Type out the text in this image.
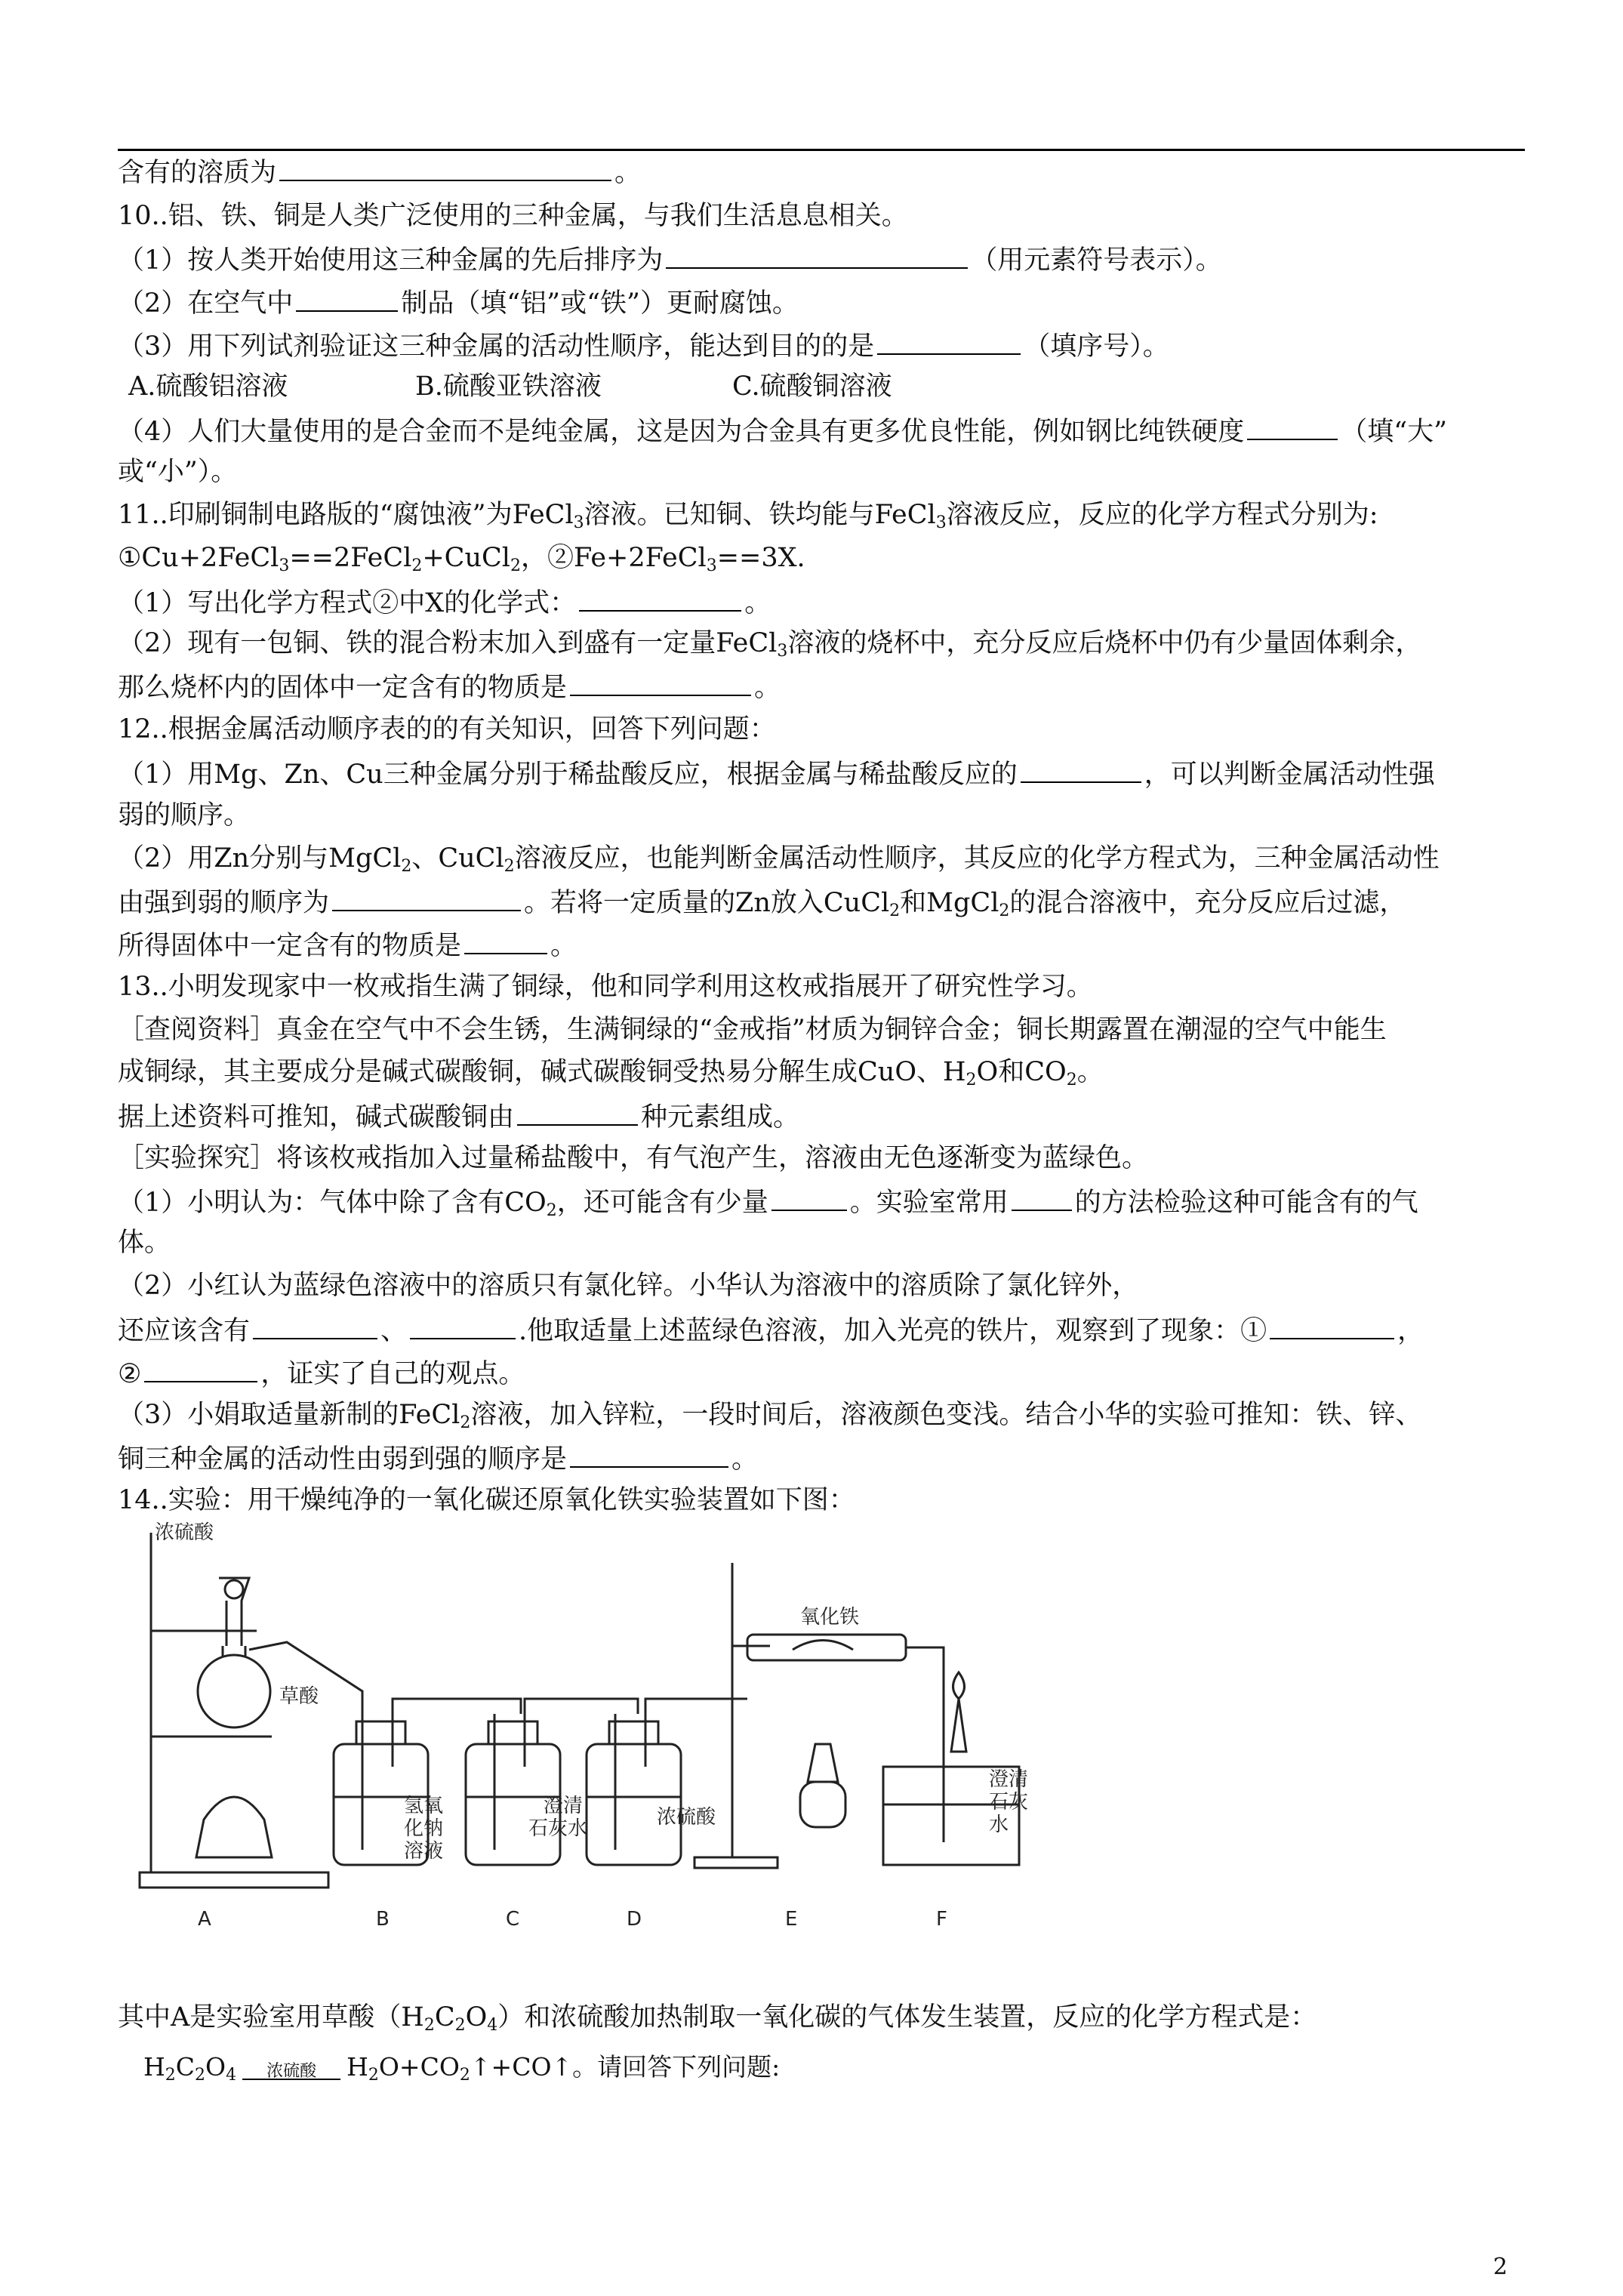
含有的溶质为	。
10..铝、铁、铜是人类广泛使用的三种金属，与我们生活息息相关。
（1）按人类开始使用这三种金属的先后排序为	（用元素符号表示）。
（2）在空气中	制品（填“铝”或“铁”）更耐腐蚀。
（3）用下列试剂验证这三种金属的活动性顺序，能达到目的的是	（填序号）。
A.硫酸铝溶液	B.硫酸亚铁溶液	C.硫酸铜溶液
（4）人们大量使用的是合金而不是纯金属，这是因为合金具有更多优良性能，例如钢比纯铁硬度	（填“大”
或“小”）。
11..印刷铜制电路版的“腐蚀液”为FeCl$_3$溶液。已知铜、铁均能与FeCl$_3$溶液反应，反应的化学方程式分别为:
①Cu+2FeCl$_3$==2FeCl$_2$+CuCl$_2$，②Fe+2FeCl$_3$==3X.
（1）写出化学方程式②中X的化学式：	。
（2）现有一包铜、铁的混合粉末加入到盛有一定量FeCl$_3$溶液的烧杯中，充分反应后烧杯中仍有少量固体剩余，
那么烧杯内的固体中一定含有的物质是	。
12..根据金属活动顺序表的的有关知识，回答下列问题：
（1）用Mg、Zn、Cu三种金属分别于稀盐酸反应，根据金属与稀盐酸反应的	，可以判断金属活动性强
弱的顺序。
（2）用Zn分别与MgCl$_2$、CuCl$_2$溶液反应，也能判断金属活动性顺序，其反应的化学方程式为，三种金属活动性
由强到弱的顺序为	。若将一定质量的Zn放入CuCl$_2$和MgCl$_2$的混合溶液中，充分反应后过滤，
所得固体中一定含有的物质是	。
13..小明发现家中一枚戒指生满了铜绿，他和同学利用这枚戒指展开了研究性学习。
［查阅资料］真金在空气中不会生锈，生满铜绿的“金戒指”材质为铜锌合金；铜长期露置在潮湿的空气中能生
成铜绿，其主要成分是碱式碳酸铜，碱式碳酸铜受热易分解生成CuO、$H_2O$和$CO_2$。
据上述资料可推知，碱式碳酸铜由	种元素组成。
［实验探究］将该枚戒指加入过量稀盐酸中，有气泡产生，溶液由无色逐渐变为蓝绿色。
（1）小明认为：气体中除了含有$CO_2$，还可能含有少量	。实验室常用	的方法检验这种可能含有的气
体。
（2）小红认为蓝绿色溶液中的溶质只有氯化锌。小华认为溶液中的溶质除了氯化锌外，
还应该含有	、	.他取适量上述蓝绿色溶液，加入光亮的铁片，观察到了现象：①	，
②	，证实了自己的观点。
（3）小娟取适量新制的FeCl$_2$溶液，加入锌粒，一段时间后，溶液颜色变浅。结合小华的实验可推知：铁、锌、
铜三种金属的活动性由弱到强的顺序是	。
14..实验：用干燥纯净的一氧化碳还原氧化铁实验装置如下图：
浓硫酸
草酸
氢氧
化钠
溶液
澄清
石灰水	浓硫酸
氧化铁
澄清
石灰
水
A	B	C	D	E	F
其中A是实验室用草酸$(H_2C_2O_4)$和浓硫酸加热制取一氧化碳的气体发生装置，反应的化学方程式是：
$H_2C_2O_4$	浓硫酸	$H_2O+CO_2↑+CO↑$。请回答下列问题:
2
